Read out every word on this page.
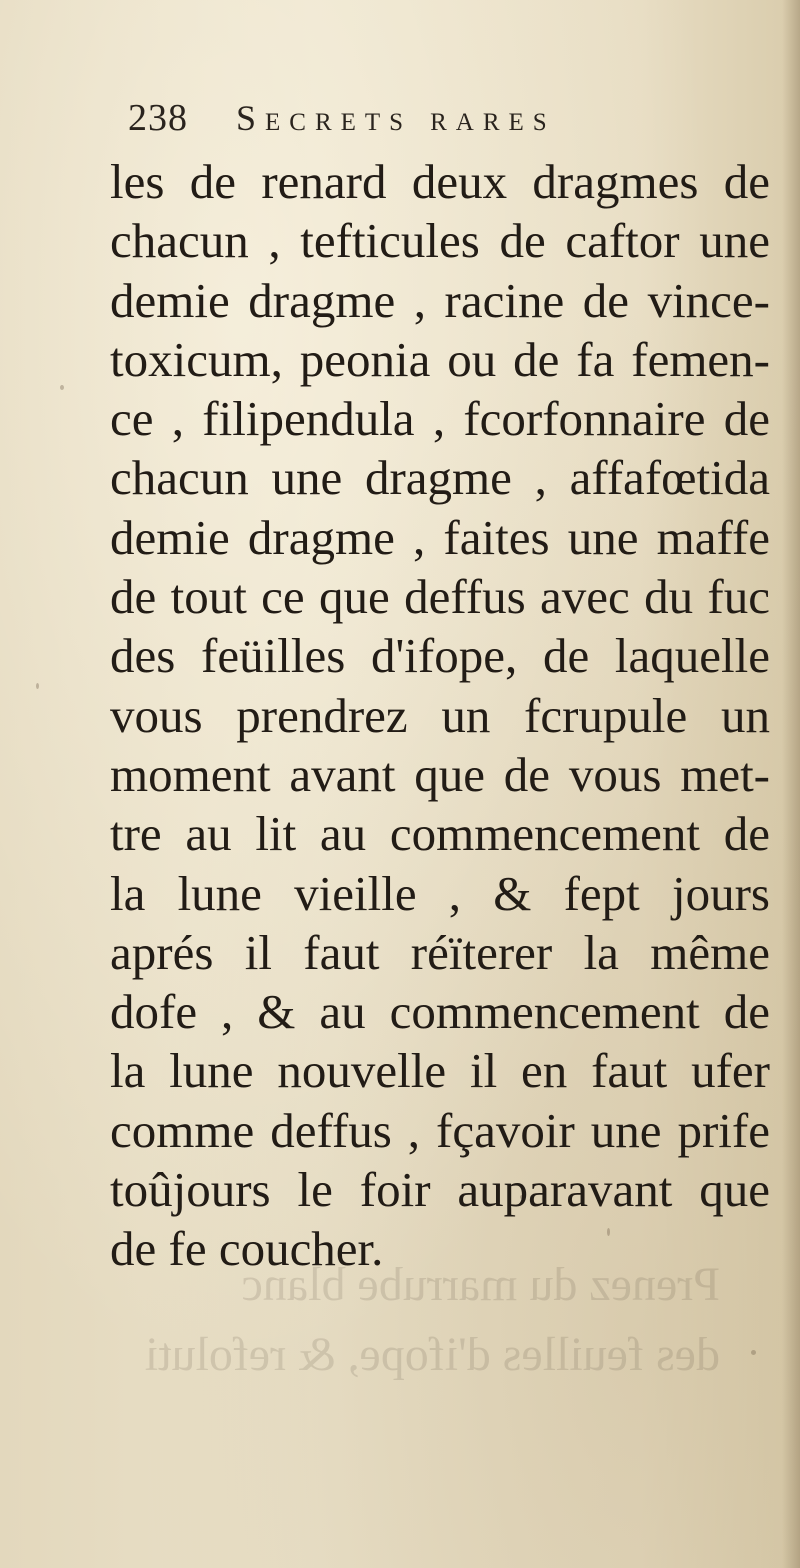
Prenez du marrube blanc
des feuilles d'ifope, & refoluti
238 Secrets rares
les de renard deux dragmes de
chacun , tefticules de caftor une
demie dragme , racine de vince-
toxicum, peonia ou de fa femen-
ce , filipendula , fcorfonnaire de
chacun une dragme , affafœtida
demie dragme , faites une maffe
de tout ce que deffus avec du fuc
des feüilles d'ifope, de laquelle
vous prendrez un fcrupule un
moment avant que de vous met-
tre au lit au commencement de
la lune vieille , & fept jours
aprés il faut réïterer la même
dofe , & au commencement de
la lune nouvelle il en faut ufer
comme deffus , fçavoir une prife
toûjours le foir auparavant que
de fe coucher.
